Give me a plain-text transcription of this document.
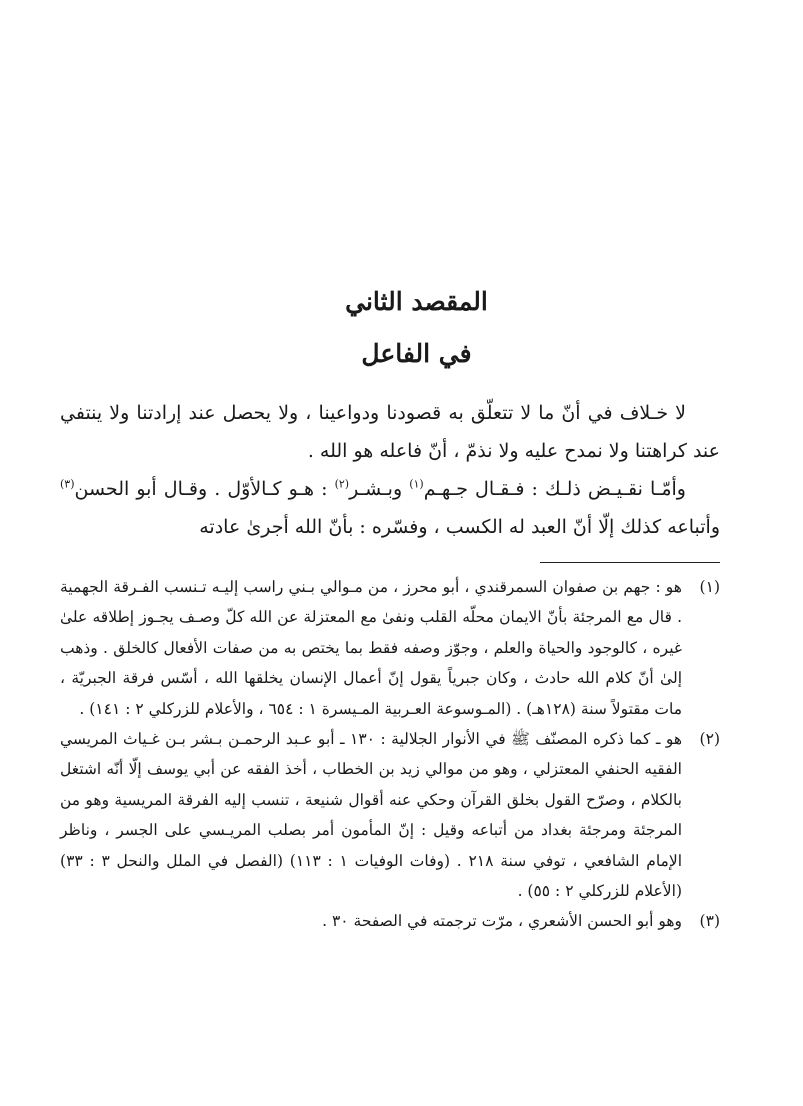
المقصد الثاني
في الفاعل

لا خـلاف في أنّ ما لا تتعلّق به قصودنا ودواعينا ، ولا يحصل عند إرادتنا ولا ينتفي عند كراهتنا ولا نمدح عليه ولا نذمّ ، أنّ فاعله هو الله .

وأمّـا نقـيـض ذلـك : فـقـال جـهـم$^{(١)}$ وبـشـر$^{(٢)}$ : هـو كـالأوّل . وقـال أبو الحسن$^{(٣)}$ وأتباعه كذلك إلّا أنّ العبد له الكسب ، وفسّره : بأنّ الله أجرىٰ عادته

(١)
هو : جهم بن صفوان السمرقندي ، أبو محرز ، من مـوالي بـني راسب إليـه تـنسب الفـرقة الجهمية . قال مع المرجئة بأنّ الايمان محلّه القلب ونفىٰ مع المعتزلة عن الله كلّ وصـف يجـوز إطلاقه علىٰ غيره ، كالوجود والحياة والعلم ، وجوّز وصفه فقط بما يختص به من صفات الأفعال كالخلق . وذهب إلىٰ أنّ كلام الله حادث ، وكان جبرياً يقول إنّ أعمال الإنسان يخلقها الله ، أسّس فرقة الجبريّة ، مات مقتولاً سنة (١٢٨هـ) . (المـوسوعة العـربية المـيسرة ١ : ٦٥٤ ، والأعلام للزركلي ٢ : ١٤١) .
(٢)
هو ـ كما ذكره المصنّف ﷺ في الأنوار الجلالية : ١٣٠ ـ أبو عـبد الرحمـن بـشر بـن غـياث المريسي الفقيه الحنفي المعتزلي ، وهو من موالي زيد بن الخطاب ، أخذ الفقه عن أبي يوسف إلّا أنّه اشتغل بالكلام ، وصرّح القول بخلق القرآن وحكي عنه أقوال شنيعة ، تنسب إليه الفرقة المريسية وهو من المرجئة ومرجئة بغداد من أتباعه وقيل : إنّ المأمون أمر بصلب المريـسي على الجسر ، وناظر الإمام الشافعي ، توفي سنة ٢١٨ . (وفات الوفيات ١ : ١١٣) (الفصل في الملل والنحل ٣ : ٣٣) (الأعلام للزركلي ٢ : ٥٥) .
(٣)
وهو أبو الحسن الأشعري ، مرّت ترجمته في الصفحة ٣٠ .
